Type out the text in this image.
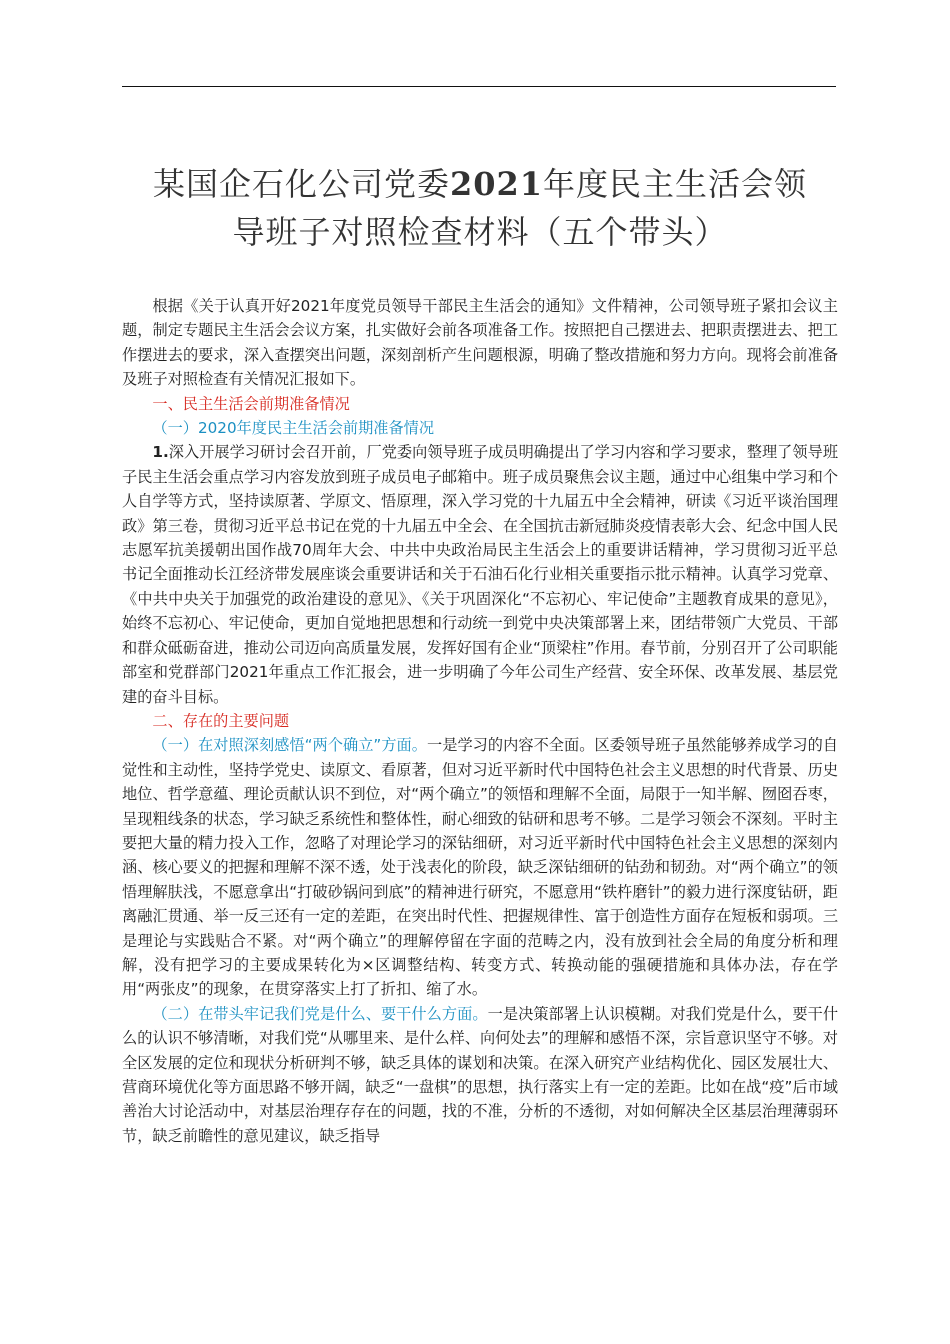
某国企石化公司党委2021年度民主生活会领
导班子对照检查材料（五个带头）

根据《关于认真开好2021年度党员领导干部民主生活会的通知》文件精神，公司领导班子紧扣会议主题，制定专题民主生活会会议方案，扎实做好会前各项准备工作。按照把自己摆进去、把职责摆进去、把工作摆进去的要求，深入查摆突出问题，深刻剖析产生问题根源，明确了整改措施和努力方向。现将会前准备及班子对照检查有关情况汇报如下。

一、民主生活会前期准备情况

（一）2020年度民主生活会前期准备情况

1.深入开展学习研讨会召开前，厂党委向领导班子成员明确提出了学习内容和学习要求，整理了领导班子民主生活会重点学习内容发放到班子成员电子邮箱中。班子成员聚焦会议主题，通过中心组集中学习和个人自学等方式，坚持读原著、学原文、悟原理，深入学习党的十九届五中全会精神，研读《习近平谈治国理政》第三卷，贯彻习近平总书记在党的十九届五中全会、在全国抗击新冠肺炎疫情表彰大会、纪念中国人民志愿军抗美援朝出国作战70周年大会、中共中央政治局民主生活会上的重要讲话精神，学习贯彻习近平总书记全面推动长江经济带发展座谈会重要讲话和关于石油石化行业相关重要指示批示精神。认真学习党章、《中共中央关于加强党的政治建设的意见》、《关于巩固深化“不忘初心、牢记使命”主题教育成果的意见》，始终不忘初心、牢记使命，更加自觉地把思想和行动统一到党中央决策部署上来，团结带领广大党员、干部和群众砥砺奋进，推动公司迈向高质量发展，发挥好国有企业“顶梁柱”作用。春节前，分别召开了公司职能部室和党群部门2021年重点工作汇报会，进一步明确了今年公司生产经营、安全环保、改革发展、基层党建的奋斗目标。

二、存在的主要问题

（一）在对照深刻感悟“两个确立”方面。一是学习的内容不全面。区委领导班子虽然能够养成学习的自觉性和主动性，坚持学党史、读原文、看原著，但对习近平新时代中国特色社会主义思想的时代背景、历史地位、哲学意蕴、理论贡献认识不到位，对“两个确立”的领悟和理解不全面，局限于一知半解、囫囵吞枣，呈现粗线条的状态，学习缺乏系统性和整体性，耐心细致的钻研和思考不够。二是学习领会不深刻。平时主要把大量的精力投入工作，忽略了对理论学习的深钻细研，对习近平新时代中国特色社会主义思想的深刻内涵、核心要义的把握和理解不深不透，处于浅表化的阶段，缺乏深钻细研的钻劲和韧劲。对“两个确立”的领悟理解肤浅，不愿意拿出“打破砂锅问到底”的精神进行研究，不愿意用“铁杵磨针”的毅力进行深度钻研，距离融汇贯通、举一反三还有一定的差距，在突出时代性、把握规律性、富于创造性方面存在短板和弱项。三是理论与实践贴合不紧。对“两个确立”的理解停留在字面的范畴之内，没有放到社会全局的角度分析和理解，没有把学习的主要成果转化为×区调整结构、转变方式、转换动能的强硬措施和具体办法，存在学用“两张皮”的现象，在贯穿落实上打了折扣、缩了水。

（二）在带头牢记我们党是什么、要干什么方面。一是决策部署上认识模糊。对我们党是什么，要干什么的认识不够清晰，对我们党“从哪里来、是什么样、向何处去”的理解和感悟不深，宗旨意识坚守不够。对全区发展的定位和现状分析研判不够，缺乏具体的谋划和决策。在深入研究产业结构优化、园区发展壮大、营商环境优化等方面思路不够开阔，缺乏“一盘棋”的思想，执行落实上有一定的差距。比如在战“疫”后市域善治大讨论活动中，对基层治理存存在的问题，找的不准，分析的不透彻，对如何解决全区基层治理薄弱环节，缺乏前瞻性的意见建议，缺乏指导
